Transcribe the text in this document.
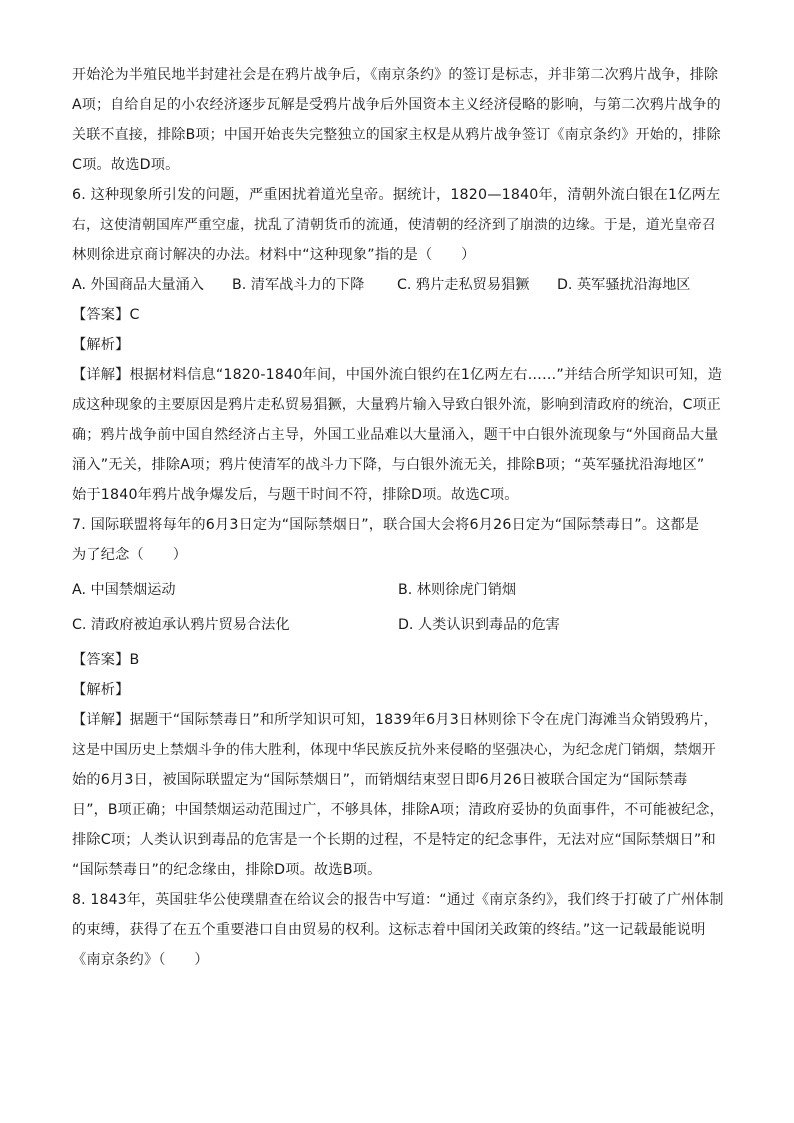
开始沦为半殖民地半封建社会是在鸦片战争后，《南京条约》的签订是标志，并非第二次鸦片战争，排除
A项；自给自足的小农经济逐步瓦解是受鸦片战争后外国资本主义经济侵略的影响，与第二次鸦片战争的
关联不直接，排除B项；中国开始丧失完整独立的国家主权是从鸦片战争签订《南京条约》开始的，排除
C项。故选D项。
6. 这种现象所引发的问题，严重困扰着道光皇帝。据统计，1820—1840年，清朝外流白银在1亿两左
右，这使清朝国库严重空虚，扰乱了清朝货币的流通，使清朝的经济到了崩溃的边缘。于是，道光皇帝召
林则徐进京商讨解决的办法。材料中“这种现象”指的是（　　）
A. 外国商品大量涌入	B. 清军战斗力的下降	C. 鸦片走私贸易猖獗	D. 英军骚扰沿海地区
【答案】C
【解析】
【详解】根据材料信息“1820-1840年间，中国外流白银约在1亿两左右……”并结合所学知识可知，造
成这种现象的主要原因是鸦片走私贸易猖獗，大量鸦片输入导致白银外流，影响到清政府的统治，C项正
确；鸦片战争前中国自然经济占主导，外国工业品难以大量涌入，题干中白银外流现象与“外国商品大量
涌入”无关，排除A项；鸦片使清军的战斗力下降，与白银外流无关，排除B项；“英军骚扰沿海地区”
始于1840年鸦片战争爆发后，与题干时间不符，排除D项。故选C项。
7. 国际联盟将每年的6月3日定为“国际禁烟日”，联合国大会将6月26日定为“国际禁毒日”。这都是
为了纪念（　　）
A. 中国禁烟运动	B. 林则徐虎门销烟
C. 清政府被迫承认鸦片贸易合法化	D. 人类认识到毒品的危害
【答案】B
【解析】
【详解】据题干“国际禁毒日”和所学知识可知，1839年6月3日林则徐下令在虎门海滩当众销毁鸦片，
这是中国历史上禁烟斗争的伟大胜利，体现中华民族反抗外来侵略的坚强决心，为纪念虎门销烟，禁烟开
始的6月3日，被国际联盟定为“国际禁烟日”，而销烟结束翌日即6月26日被联合国定为“国际禁毒
日”，B项正确；中国禁烟运动范围过广，不够具体，排除A项；清政府妥协的负面事件，不可能被纪念，
排除C项；人类认识到毒品的危害是一个长期的过程，不是特定的纪念事件，无法对应“国际禁烟日”和
“国际禁毒日”的纪念缘由，排除D项。故选B项。
8. 1843年，英国驻华公使璞鼎查在给议会的报告中写道：“通过《南京条约》，我们终于打破了广州体制
的束缚，获得了在五个重要港口自由贸易的权利。这标志着中国闭关政策的终结。”这一记载最能说明
《南京条约》（　　）
